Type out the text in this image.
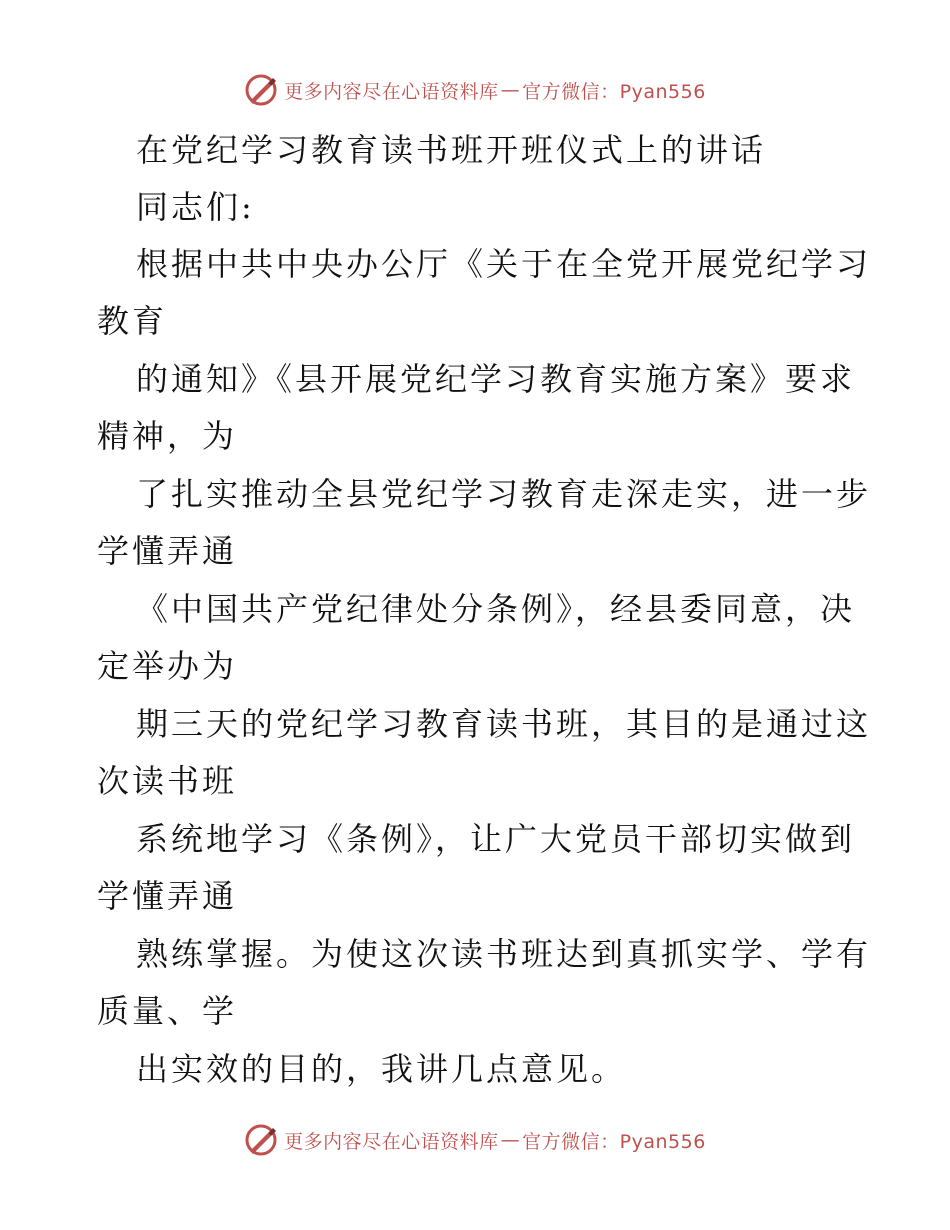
更多内容尽在心语资料库 — 官方微信：Pyan556
在党纪学习教育读书班开班仪式上的讲话
同志们:
根据中共中央办公厅《关于在全党开展党纪学习
教育
的通知》《县开展党纪学习教育实施方案》要求
精神，为
了扎实推动全县党纪学习教育走深走实，进一步
学懂弄通
《中国共产党纪律处分条例》，经县委同意，决
定举办为
期三天的党纪学习教育读书班，其目的是通过这
次读书班
系统地学习《条例》，让广大党员干部切实做到
学懂弄通
熟练掌握。为使这次读书班达到真抓实学、学有
质量、学
出实效的目的，我讲几点意见。
更多内容尽在心语资料库 — 官方微信：Pyan556
